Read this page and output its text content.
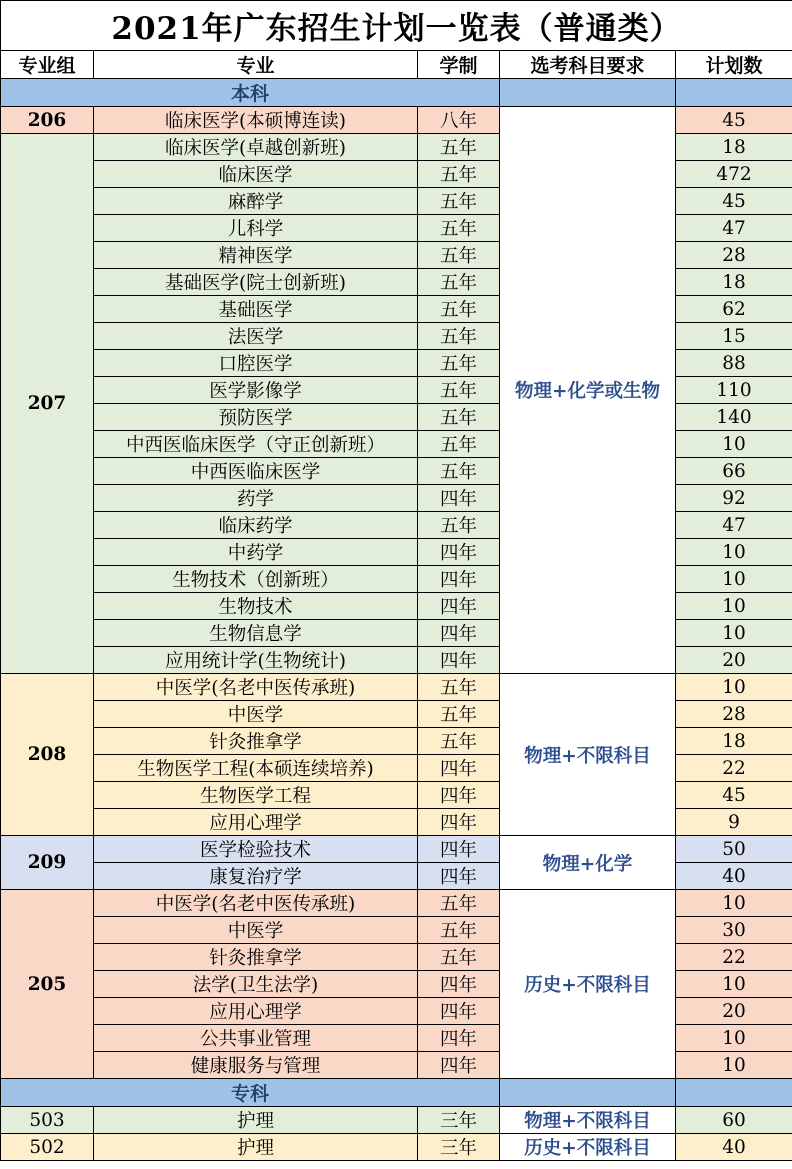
2021年广东招生计划一览表（普通类）				
专业组	专业	学制	选考科目要求	计划数
本科				
206	临床医学(本硕博连读)	八年	物理+化学或生物	45
207	临床医学(卓越创新班)	五年		18
	临床医学	五年		472
	麻醉学	五年		45
	儿科学	五年		47
	精神医学	五年		28
	基础医学(院士创新班)	五年		18
	基础医学	五年		62
	法医学	五年		15
	口腔医学	五年		88
	医学影像学	五年		110
	预防医学	五年		140
	中西医临床医学（守正创新班）	五年		10
	中西医临床医学	五年		66
	药学	四年		92
	临床药学	五年		47
	中药学	四年		10
	生物技术（创新班）	四年		10
	生物技术	四年		10
	生物信息学	四年		10
	应用统计学(生物统计)	四年		20
208	中医学(名老中医传承班)	五年	物理+不限科目	10
	中医学	五年		28
	针灸推拿学	五年		18
	生物医学工程(本硕连续培养)	四年		22
	生物医学工程	四年		45
	应用心理学	四年		9
209	医学检验技术	四年	物理+化学	50
	康复治疗学	四年		40
205	中医学(名老中医传承班)	五年	历史+不限科目	10
	中医学	五年		30
	针灸推拿学	五年		22
	法学(卫生法学)	四年		10
	应用心理学	四年		20
	公共事业管理	四年		10
	健康服务与管理	四年		10
专科				
503	护理	三年	物理+不限科目	60
502	护理	三年	历史+不限科目	40
